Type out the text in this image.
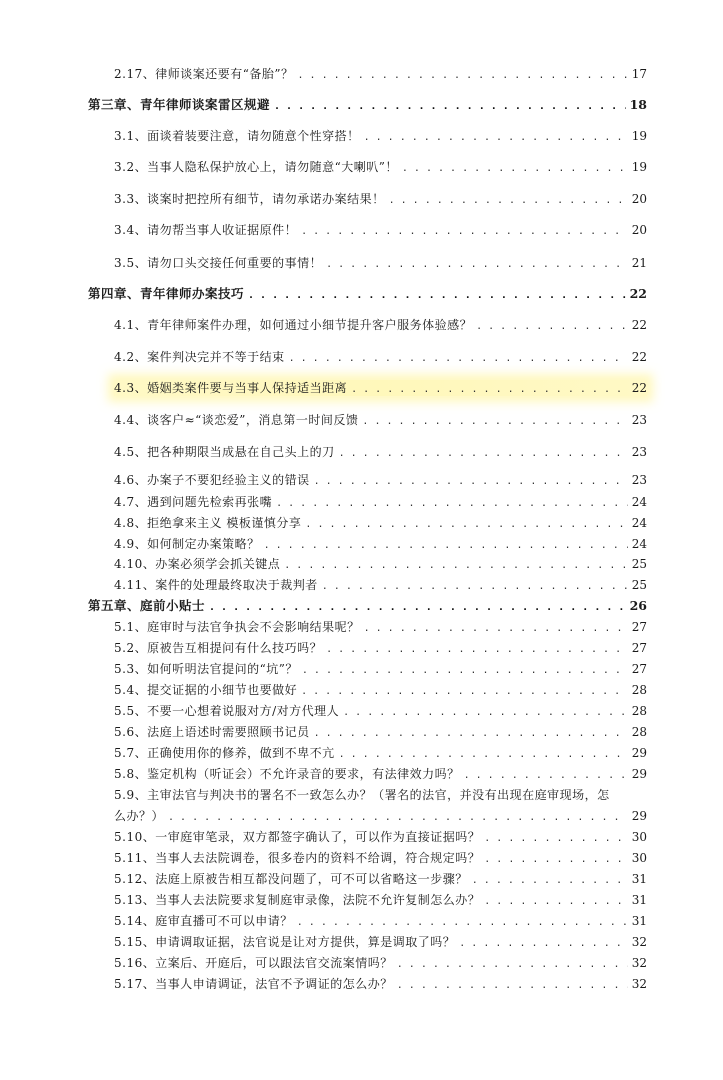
2.17、律师谈案还要有“备胎”？ . . .	17
第三章、青年律师谈案雷区规避 . . .	18
3.1、面谈着装要注意，请勿随意个性穿搭！ . . .	19
3.2、当事人隐私保护放心上，请勿随意“大喇叭”！ . . .	19
3.3、谈案时把控所有细节，请勿承诺办案结果！ . . .	20
3.4、请勿帮当事人收证据原件！ . . .	20
3.5、请勿口头交接任何重要的事情！ . . .	21
第四章、青年律师办案技巧 . . .	22
4.1、青年律师案件办理，如何通过小细节提升客户服务体验感？ . . .	22
4.2、案件判决完并不等于结束 . . .	22
4.3、婚姻类案件要与当事人保持适当距离 . . .	22
4.4、谈客户≈“谈恋爱”，消息第一时间反馈 . . .	23
4.5、把各种期限当成悬在自己头上的刀 . . .	23
4.6、办案子不要犯经验主义的错误 . . .	23
4.7、遇到问题先检索再张嘴 . . .	24
4.8、拒绝拿来主义 模板谨慎分享 . . .	24
4.9、如何制定办案策略？ . . .	24
4.10、办案必须学会抓关键点 . . .	25
4.11、案件的处理最终取决于裁判者 . . .	25
第五章、庭前小贴士 . . .	26
5.1、庭审时与法官争执会不会影响结果呢？ . . .	27
5.2、原被告互相提问有什么技巧吗？ . . .	27
5.3、如何听明法官提问的“坑”？ . . .	27
5.4、提交证据的小细节也要做好 . . .	28
5.5、不要一心想着说服对方/对方代理人 . . .	28
5.6、法庭上语述时需要照顾书记员 . . .	28
5.7、正确使用你的修养，做到不卑不亢 . . .	29
5.8、鉴定机构（听证会）不允许录音的要求，有法律效力吗？ . . .	29
5.9、主审法官与判决书的署名不一致怎么办？（署名的法官，并没有出现在庭审现场，怎
么办？） . . .	29
5.10、一审庭审笔录，双方都签字确认了，可以作为直接证据吗？ . . .	30
5.11、当事人去法院调卷，很多卷内的资料不给调，符合规定吗？ . . .	30
5.12、法庭上原被告相互都没问题了，可不可以省略这一步骤？ . . .	31
5.13、当事人去法院要求复制庭审录像，法院不允许复制怎么办？ . . .	31
5.14、庭审直播可不可以申请？ . . .	31
5.15、申请调取证据，法官说是让对方提供，算是调取了吗？ . . .	32
5.16、立案后、开庭后，可以跟法官交流案情吗？ . . .	32
5.17、当事人申请调证，法官不予调证的怎么办？ . . .	32
